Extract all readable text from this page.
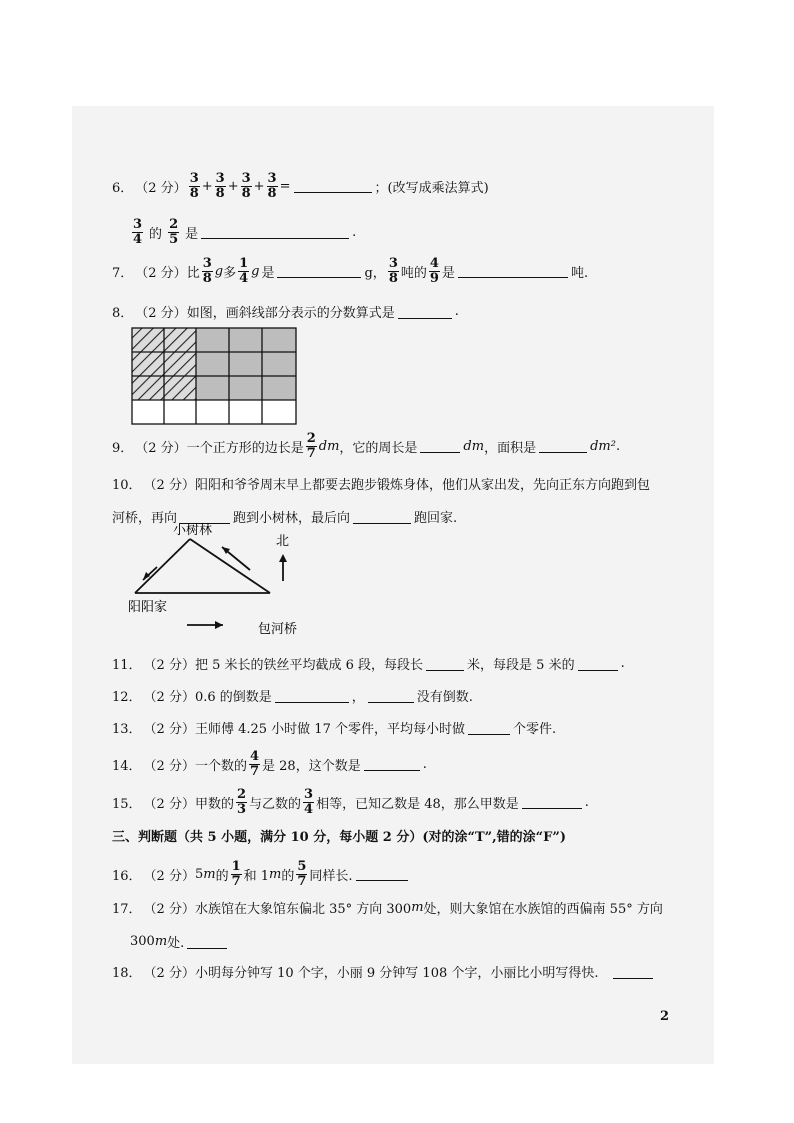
6． （2 分） $\frac{3}{8} + \frac{3}{8} + \frac{3}{8} + \frac{3}{8}$ =	；(改写成乘法算式)
$\frac{3}{4}$ 的 $\frac{2}{5}$ 是	.
7． （2 分） 比 $\frac{3}{8}$ g 多 $\frac{1}{4}$ g 是	g， $\frac{3}{8}$ 吨的 $\frac{4}{9}$ 是	吨.
8． （2 分） 如图，画斜线部分表示的分数算式是	.
9． （2 分） 一个正方形的边长是 $\frac{2}{7}$ dm ，它的周长是	dm ，面积是	dm² .
10． （2 分） 阳阳和爷爷周末早上都要去跑步锻炼身体，他们从家出发，先向正东方向跑到包
河桥，再向	跑到小树林，最后向	跑回家.
小树林
阳阳家
包河桥
北
11． （2 分） 把 5 米长的铁丝平均截成 6 段，每段长	米，每段是 5 米的	.
12． （2 分） 0.6 的倒数是	，	没有倒数.
13． （2 分） 王师傅 4.25 小时做 17 个零件，平均每小时做	个零件.
14． （2 分） 一个数的 $\frac{4}{7}$ 是 28，这个数是	.
15． （2 分） 甲数的 $\frac{2}{3}$ 与乙数的 $\frac{3}{4}$ 相等，已知乙数是 48，那么甲数是	.
三、判断题（共 5 小题，满分 10 分，每小题 2 分）(对的涂“T”,错的涂“F”)
16． （2 分） 5 m 的 $\frac{1}{7}$ 和 1 m 的 $\frac{5}{7}$ 同样长.
17． （2 分） 水族馆在大象馆东偏北 35° 方向 300 m 处，则大象馆在水族馆的西偏南 55° 方向
300 m 处.
18． （2 分） 小明每分钟写 10 个字，小丽 9 分钟写 108 个字，小丽比小明写得快.
2
